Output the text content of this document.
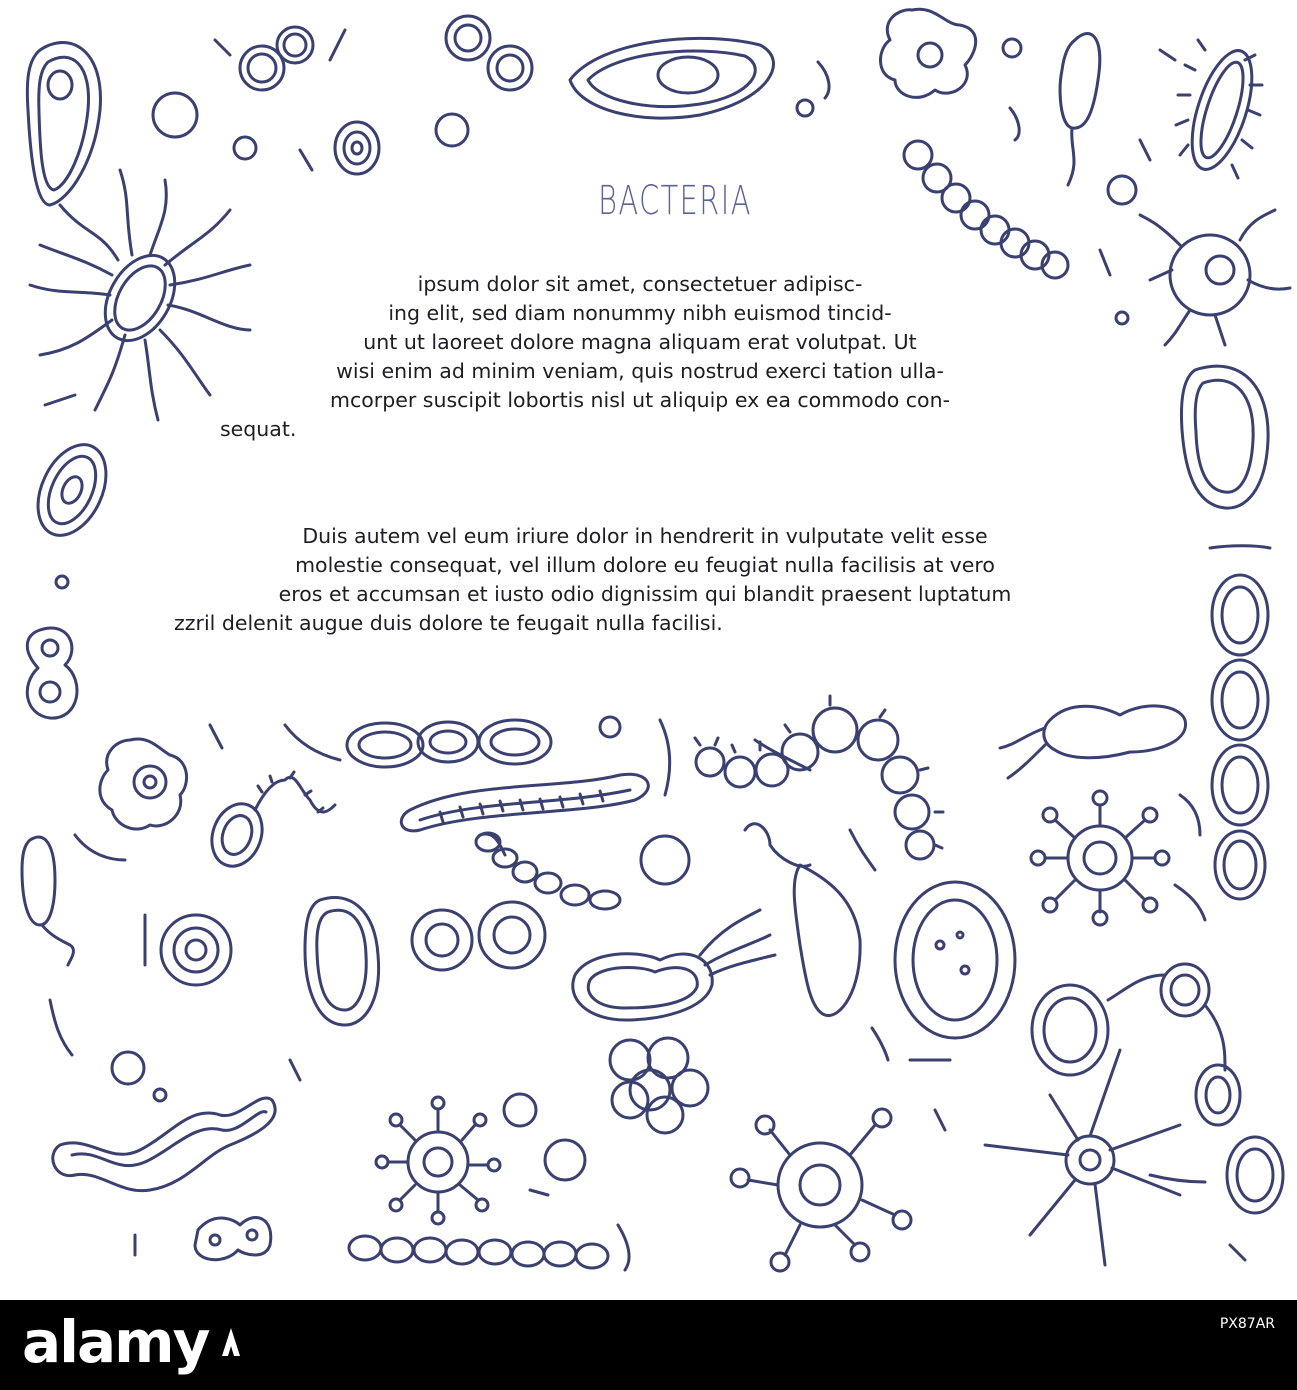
BACTERIA
ipsum dolor sit amet, consectetuer adipisc-
ing elit, sed diam nonummy nibh euismod tincid-
unt ut laoreet dolore magna aliquam erat volutpat. Ut
wisi enim ad minim veniam, quis nostrud exerci tation ulla-
mcorper suscipit lobortis nisl ut aliquip ex ea commodo con-
sequat.
Duis autem vel eum iriure dolor in hendrerit in vulputate velit esse
molestie consequat, vel illum dolore eu feugiat nulla facilisis at vero
eros et accumsan et iusto odio dignissim qui blandit praesent luptatum
zzril delenit augue duis dolore te feugait nulla facilisi.
alamy	PX87AR
